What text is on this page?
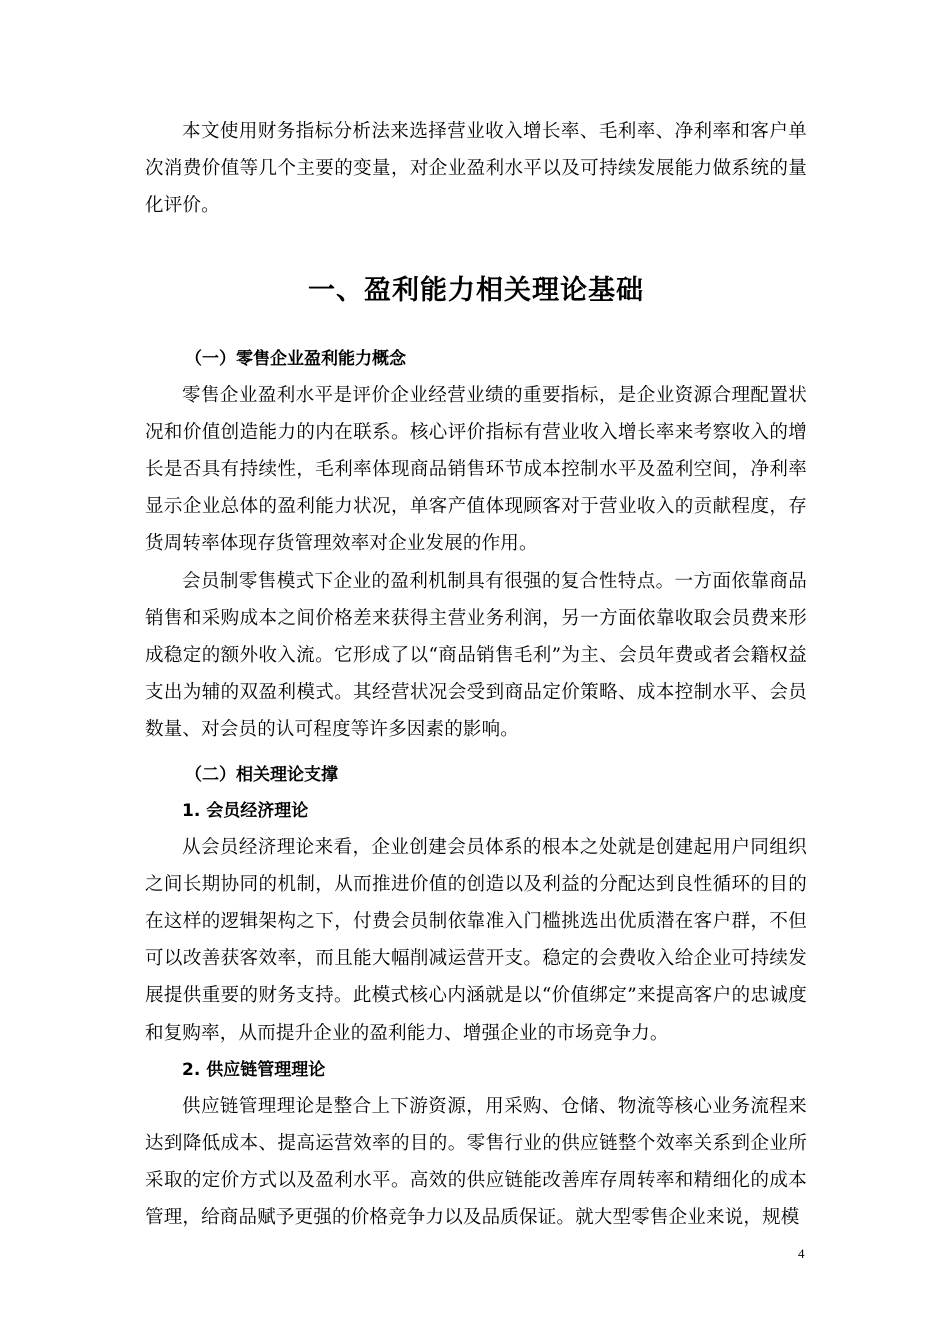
本文使用财务指标分析法来选择营业收入增长率、毛利率、净利率和客户单次消费价值等几个主要的变量，对企业盈利水平以及可持续发展能力做系统的量化评价。

一、盈利能力相关理论基础
（一）零售企业盈利能力概念

零售企业盈利水平是评价企业经营业绩的重要指标，是企业资源合理配置状况和价值创造能力的内在联系。核心评价指标有营业收入增长率来考察收入的增长是否具有持续性，毛利率体现商品销售环节成本控制水平及盈利空间，净利率显示企业总体的盈利能力状况，单客产值体现顾客对于营业收入的贡献程度，存货周转率体现存货管理效率对企业发展的作用。

会员制零售模式下企业的盈利机制具有很强的复合性特点。一方面依靠商品销售和采购成本之间价格差来获得主营业务利润，另一方面依靠收取会员费来形成稳定的额外收入流。它形成了以“商品销售毛利”为主、会员年费或者会籍权益支出为辅的双盈利模式。其经营状况会受到商品定价策略、成本控制水平、会员数量、对会员的认可程度等许多因素的影响。

（二）相关理论支撑
1. 会员经济理论

从会员经济理论来看，企业创建会员体系的根本之处就是创建起用户同组织之间长期协同的机制，从而推进价值的创造以及利益的分配达到良性循环的目的在这样的逻辑架构之下，付费会员制依靠准入门槛挑选出优质潜在客户群，不但可以改善获客效率，而且能大幅削减运营开支。稳定的会费收入给企业可持续发展提供重要的财务支持。此模式核心内涵就是以“价值绑定”来提高客户的忠诚度和复购率，从而提升企业的盈利能力、增强企业的市场竞争力。

2. 供应链管理理论

供应链管理理论是整合上下游资源，用采购、仓储、物流等核心业务流程来达到降低成本、提高运营效率的目的。零售行业的供应链整个效率关系到企业所采取的定价方式以及盈利水平。高效的供应链能改善库存周转率和精细化的成本管理，给商品赋予更强的价格竞争力以及品质保证。就大型零售企业来说，规模

4
